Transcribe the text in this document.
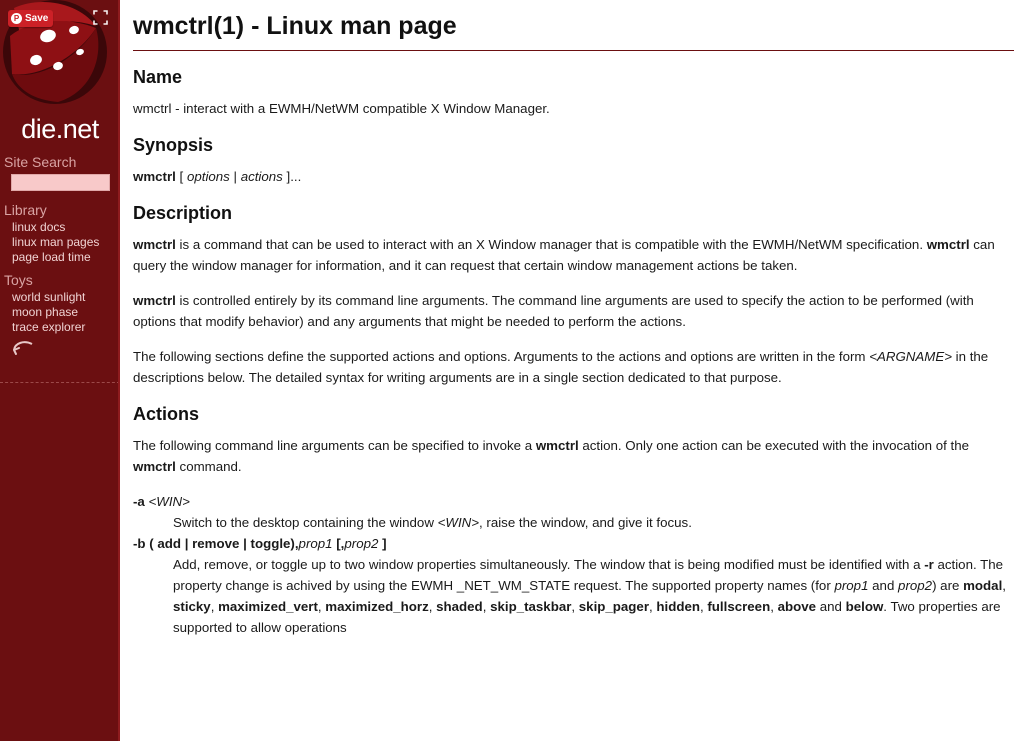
P Save
die.net
Site Search
Library
linux docs
linux man pages
page load time
Toys
world sunlight
moon phase
trace explorer
wmctrl(1) - Linux man page
Name

wmctrl - interact with a EWMH/NetWM compatible X Window Manager.

Synopsis

wmctrl [ options | actions ]...

Description

wmctrl is a command that can be used to interact with an X Window manager that is compatible with the EWMH/NetWM specification. wmctrl can query the window manager for information, and it can request that certain window management actions be taken.

wmctrl is controlled entirely by its command line arguments. The command line arguments are used to specify the action to be performed (with options that modify behavior) and any arguments that might be needed to perform the actions.

The following sections define the supported actions and options. Arguments to the actions and options are written in the form <ARGNAME> in the descriptions below. The detailed syntax for writing arguments are in a single section dedicated to that purpose.

Actions

The following command line arguments can be specified to invoke a wmctrl action. Only one action can be executed with the invocation of the wmctrl command.

-a <WIN>
Switch to the desktop containing the window <WIN>, raise the window, and give it focus.
-b ( add | remove | toggle),prop1 [,prop2 ]
Add, remove, or toggle up to two window properties simultaneously. The window that is being modified must be identified with a -r action. The property change is achived by using the EWMH _NET_WM_STATE request. The supported property names (for prop1 and prop2) are modal, sticky, maximized_vert, maximized_horz, shaded, skip_taskbar, skip_pager, hidden, fullscreen, above and below. Two properties are supported to allow operations
